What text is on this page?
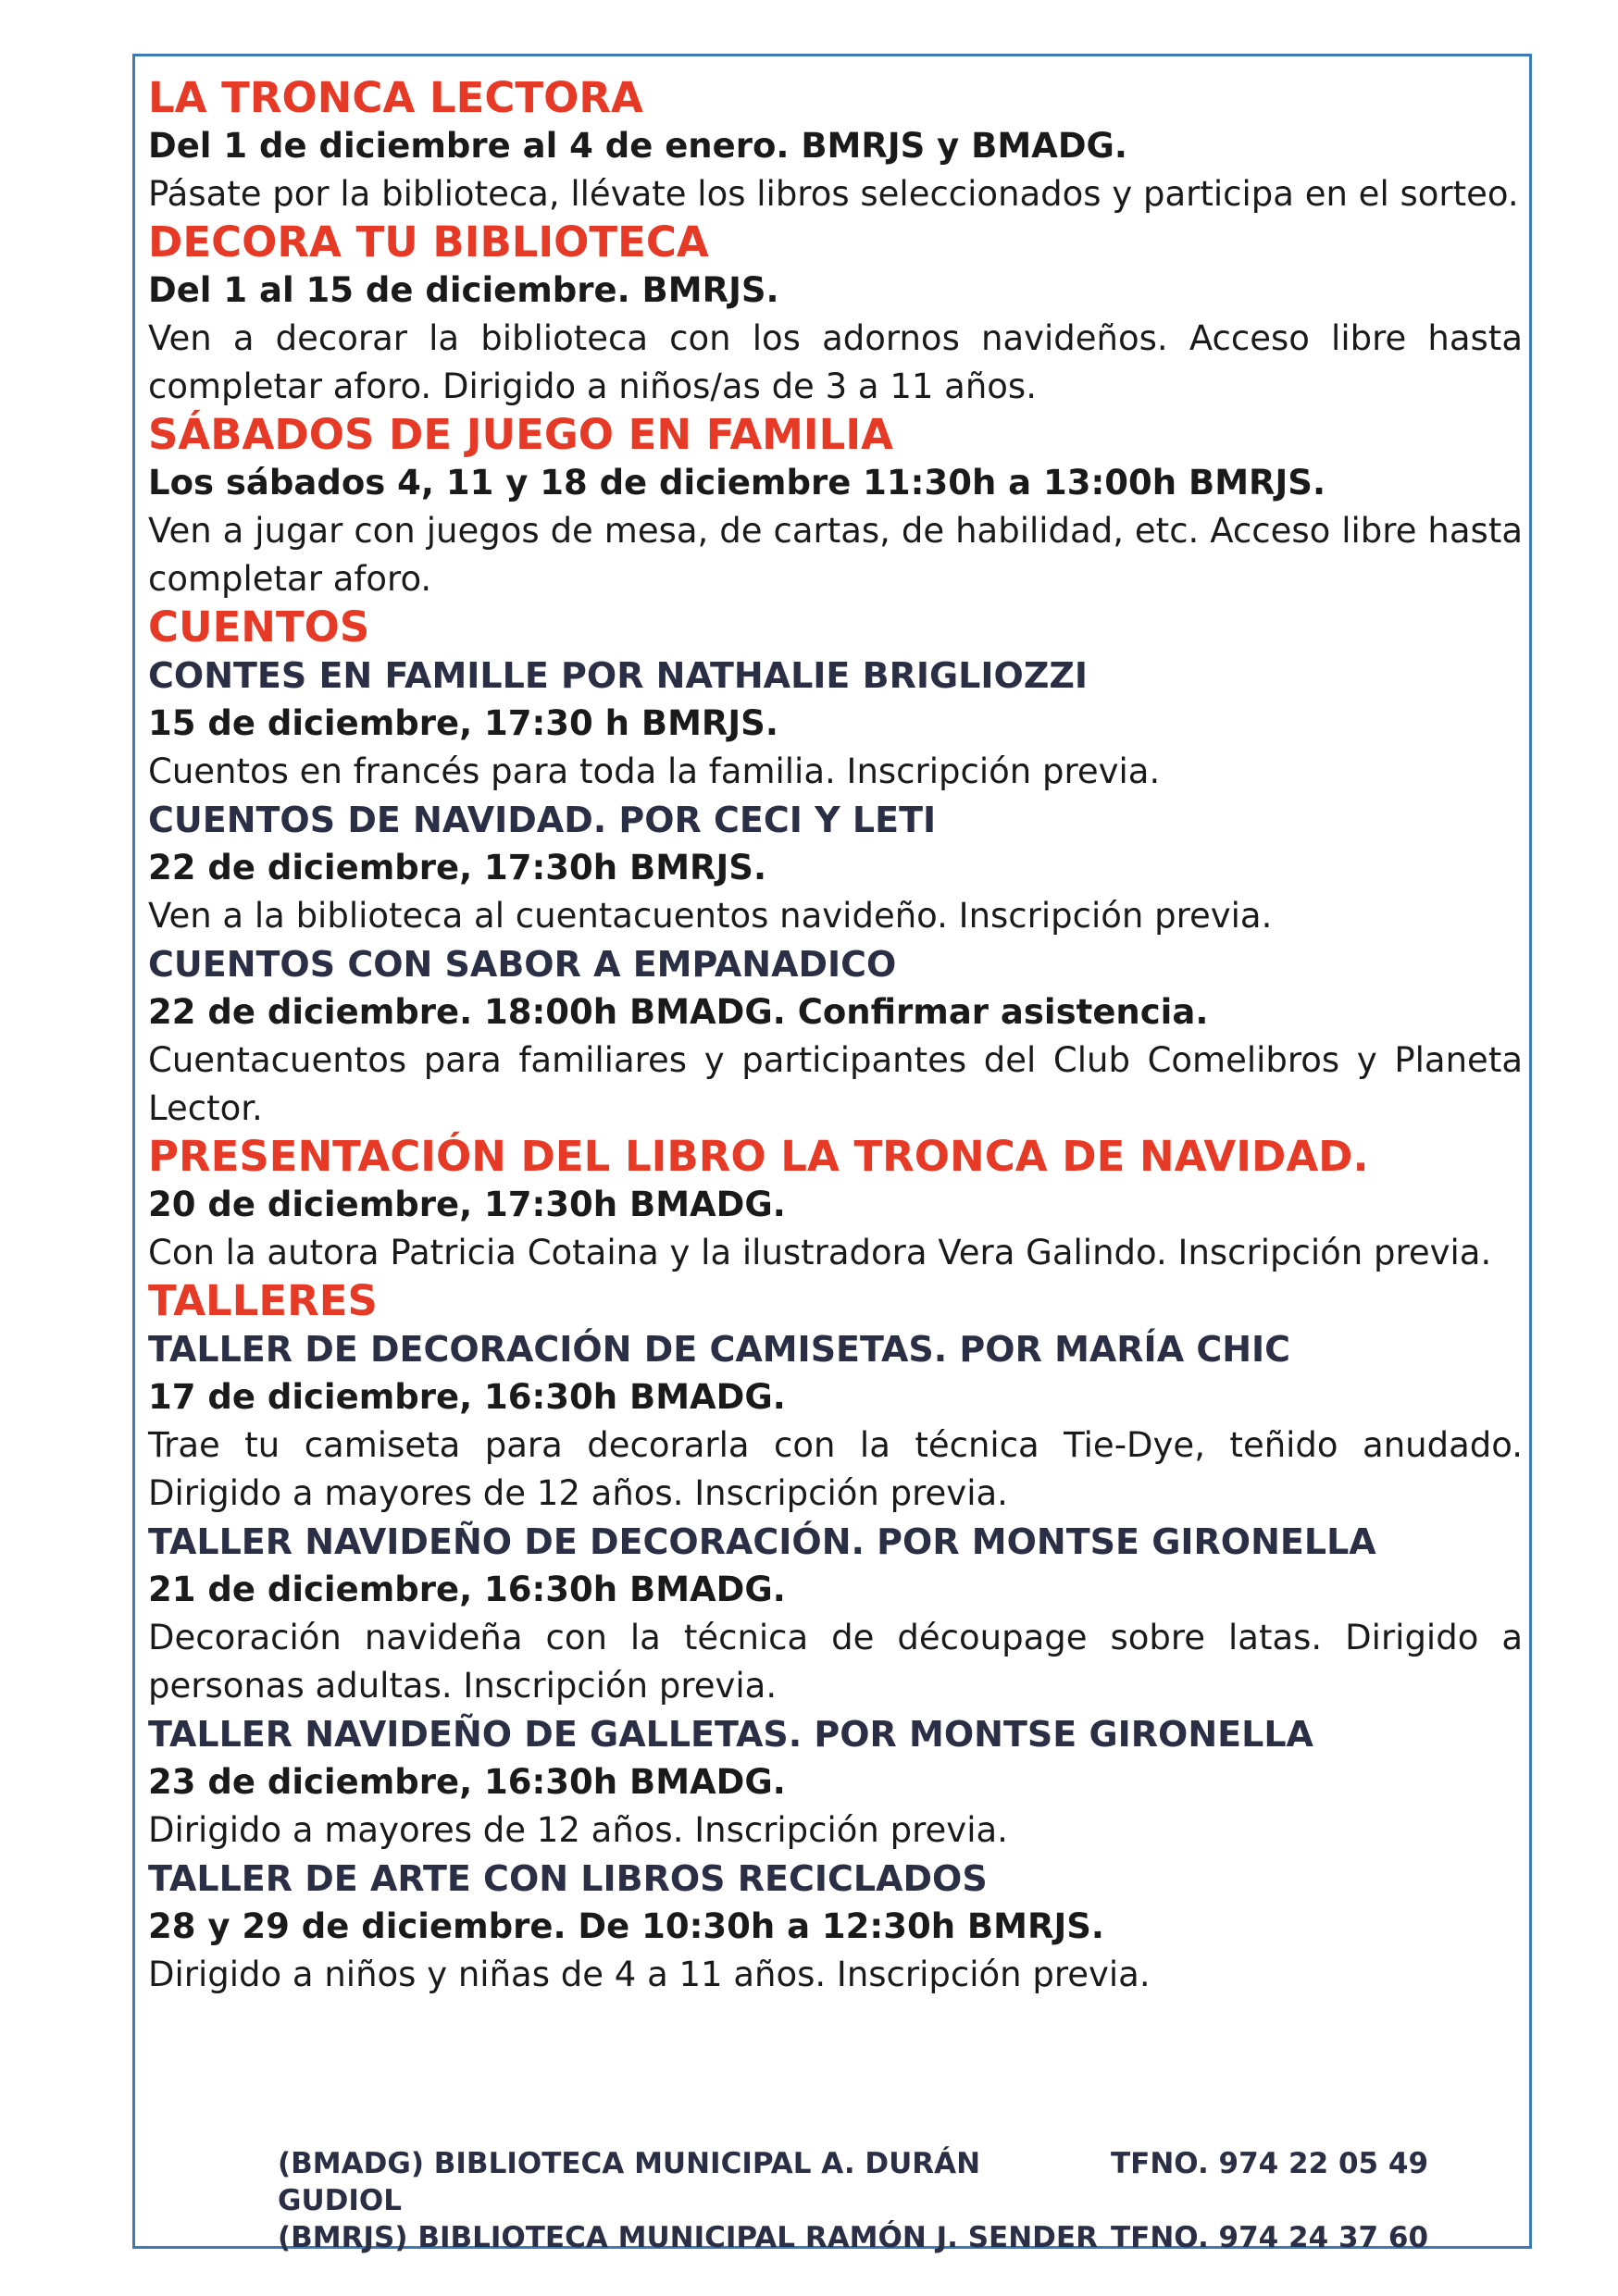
LA TRONCA LECTORA
Del 1 de diciembre al 4 de enero. BMRJS y BMADG.
Pásate por la biblioteca, llévate los libros seleccionados y participa en el sorteo.
DECORA TU BIBLIOTECA
Del 1 al 15 de diciembre. BMRJS.
Ven a decorar la biblioteca con los adornos navideños. Acceso libre hasta completar aforo. Dirigido a niños/as de 3 a 11 años.
SÁBADOS DE JUEGO EN FAMILIA
Los sábados 4, 11 y 18 de diciembre 11:30h a 13:00h BMRJS.
Ven a jugar con juegos de mesa, de cartas, de habilidad, etc. Acceso libre hasta completar aforo.
CUENTOS
CONTES EN FAMILLE POR NATHALIE BRIGLIOZZI
15 de diciembre, 17:30 h BMRJS.
Cuentos en francés para toda la familia. Inscripción previa.
CUENTOS DE NAVIDAD. POR CECI Y LETI
22 de diciembre, 17:30h BMRJS.
Ven a la biblioteca al cuentacuentos navideño. Inscripción previa.
CUENTOS CON SABOR A EMPANADICO
22 de diciembre. 18:00h BMADG. Confirmar asistencia.
Cuentacuentos para familiares y participantes del Club Comelibros y Planeta Lector.
PRESENTACIÓN DEL LIBRO LA TRONCA DE NAVIDAD.
20 de diciembre, 17:30h BMADG.
Con la autora Patricia Cotaina y la ilustradora Vera Galindo. Inscripción previa.
TALLERES
TALLER DE DECORACIÓN DE CAMISETAS. POR MARÍA CHIC
17 de diciembre, 16:30h BMADG.
Trae tu camiseta para decorarla con la técnica Tie-Dye, teñido anudado. Dirigido a mayores de 12 años. Inscripción previa.
TALLER NAVIDEÑO DE DECORACIÓN. POR MONTSE GIRONELLA
21 de diciembre, 16:30h BMADG.
Decoración navideña con la técnica de découpage sobre latas. Dirigido a personas adultas. Inscripción previa.
TALLER NAVIDEÑO DE GALLETAS. POR MONTSE GIRONELLA
23 de diciembre, 16:30h BMADG.
Dirigido a mayores de 12 años. Inscripción previa.
TALLER DE ARTE CON LIBROS RECICLADOS
28 y 29 de diciembre. De 10:30h a 12:30h BMRJS.
Dirigido a niños y niñas de 4 a 11 años. Inscripción previa.
(BMADG) BIBLIOTECA MUNICIPAL A. DURÁN GUDIOL
TFNO. 974 22 05 49
(BMRJS) BIBLIOTECA MUNICIPAL RAMÓN J. SENDER TFNO. 974 24 37 60
